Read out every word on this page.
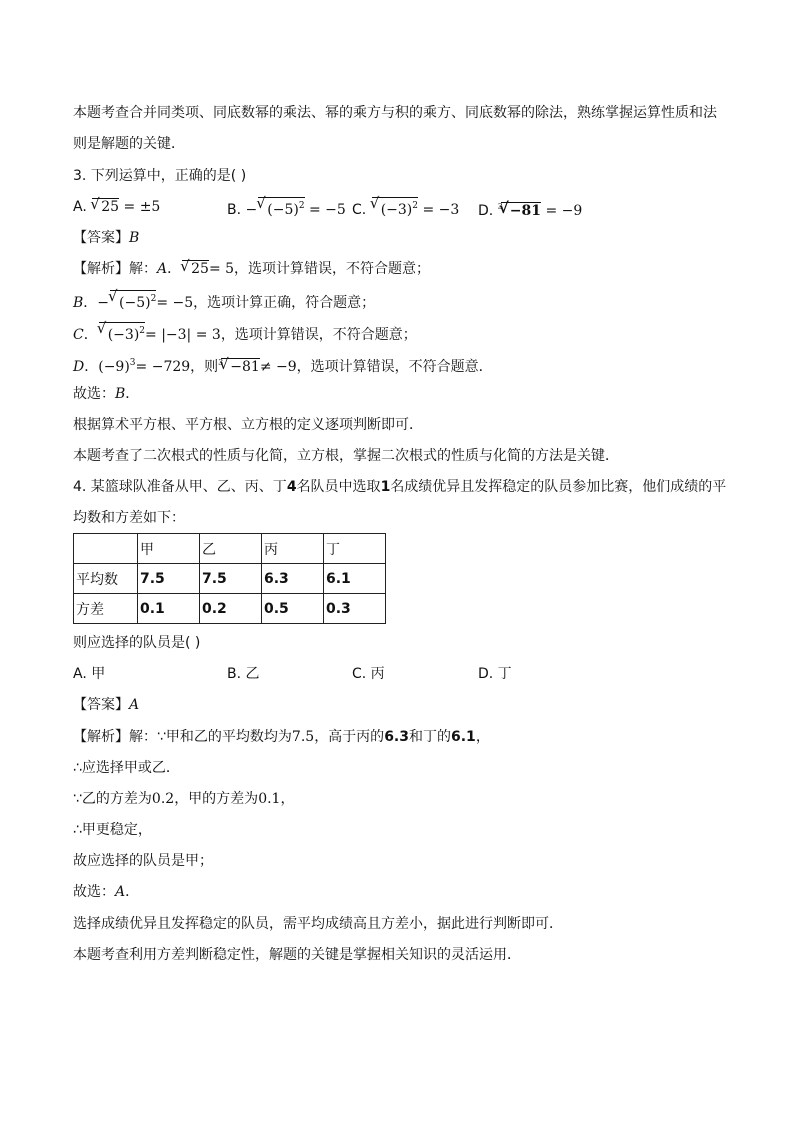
本题考查合并同类项、同底数幂的乘法、幂的乘方与积的乘方、同底数幂的除法，熟练掌握运算性质和法
则是解题的关键．
3. 下列运算中，正确的是( )
A. √ 25 = ±5	B. − √ $(-5)^2 = -5$ C. √ $(-3)^2 = -3$ D. $^3$ √ −81 = −9
【答案】B
【解析】解：A． √ 25= 5，选项计算错误，不符合题意；
B．− √ $(-5)^2= -5$，选项计算正确，符合题意；
C． √ $(-3)^2= |-3| = 3$，选项计算错误，不符合题意；
D．$(-9)^3= -729$，则$^3$ √ −81≠ −9，选项计算错误，不符合题意．
故选：B．
根据算术平方根、平方根、立方根的定义逐项判断即可．
本题考查了二次根式的性质与化简，立方根，掌握二次根式的性质与化简的方法是关键．
4. 某篮球队准备从甲、乙、丙、丁4名队员中选取1名成绩优异且发挥稳定的队员参加比赛，他们成绩的平
均数和方差如下：
	甲	乙	丙	丁
平均数	7.5	7.5	6.3	6.1
方差	0.1	0.2	0.5	0.3
则应选择的队员是( )
A. 甲	B. 乙	C. 丙	D. 丁
【答案】A
【解析】解：∵甲和乙的平均数均为7.5，高于丙的6.3和丁的6.1，
∴应选择甲或乙．
∵乙的方差为0.2，甲的方差为0.1，
∴甲更稳定，
故应选择的队员是甲；
故选：A．
选择成绩优异且发挥稳定的队员，需平均成绩高且方差小，据此进行判断即可．
本题考查利用方差判断稳定性，解题的关键是掌握相关知识的灵活运用．
